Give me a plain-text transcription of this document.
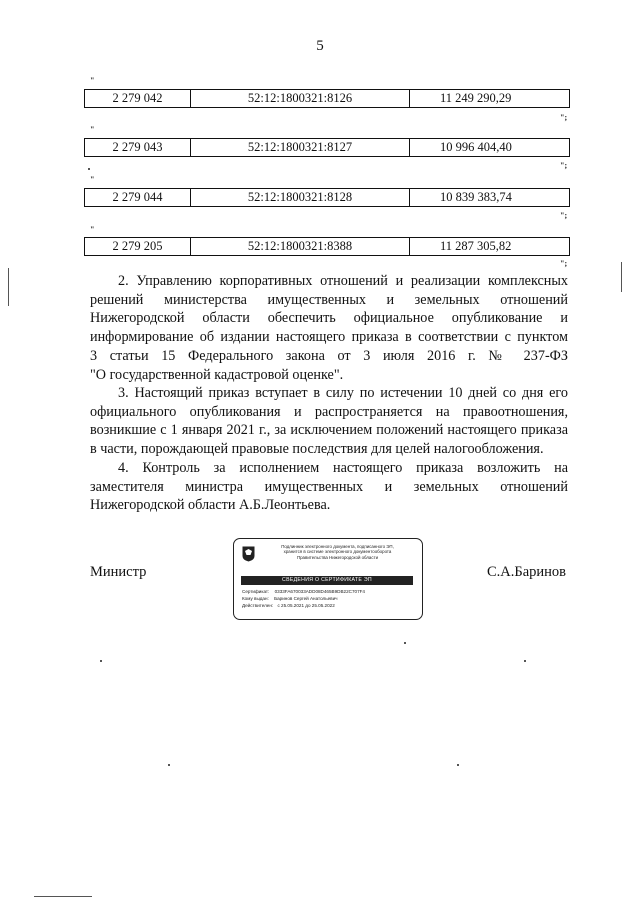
5
"
2 279 042	52:12:1800321:8126	11 249 290,29
";
"
2 279 043	52:12:1800321:8127	10 996 404,40
";
"
2 279 044	52:12:1800321:8128	10 839 383,74
";
"
2 279 205	52:12:1800321:8388	11 287 305,82
";
2. Управлению корпоративных отношений и реализации комплексных
решений министерства имущественных и земельных отношений
Нижегородской области обеспечить официальное опубликование и
информирование об издании настоящего приказа в соответствии с пунктом
3 статьи 15 Федерального закона от 3 июля 2016 г. № 237-ФЗ
"О государственной кадастровой оценке".
3. Настоящий приказ вступает в силу по истечении 10 дней со дня его
официального опубликования и распространяется на правоотношения,
возникшие с 1 января 2021 г., за исключением положений настоящего приказа
в части, порождающей правовые последствия для целей налогообложения.
4. Контроль за исполнением настоящего приказа возложить на
заместителя министра имущественных и земельных отношений
Нижегородской области А.Б.Леонтьева.
Министр	С.А.Баринов
Подлинник электронного документа, подписанного ЭП,
хранится в системе электронного документооборота
Правительства Нижегородской области
СВЕДЕНИЯ О СЕРТИФИКАТЕ ЭП
Сертификат: 0333FA670033ADD08D465B9DB22C707F4
Кому выдан: Баринов Сергей Анатольевич
Действителен: с 25.05.2021 до 25.05.2022
